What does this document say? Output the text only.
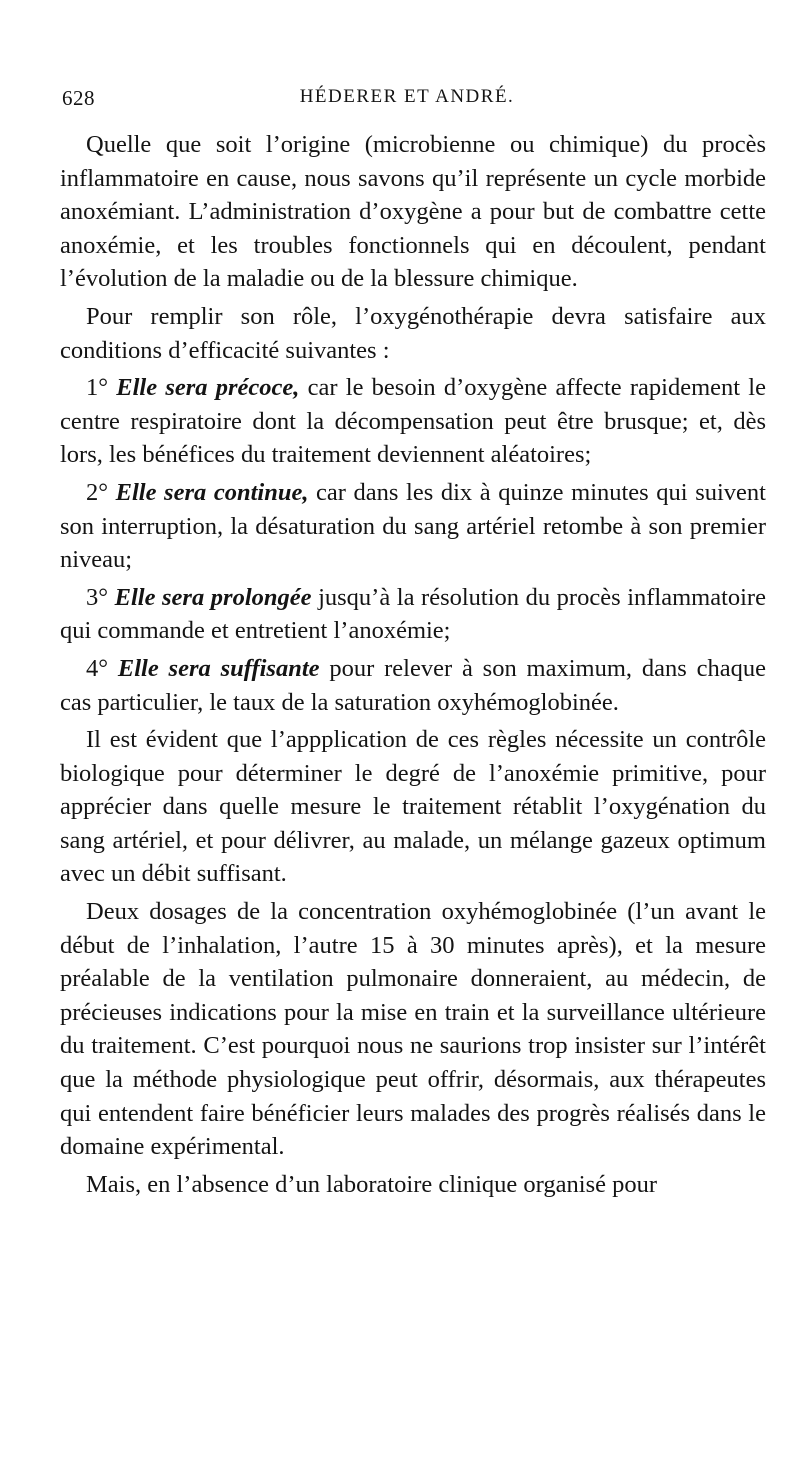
628	HÉDERER ET ANDRÉ.

Quelle que soit l’origine (microbienne ou chimique) du procès inflammatoire en cause, nous savons qu’il représente un cycle morbide anoxémiant. L’administration d’oxygène a pour but de combattre cette anoxémie, et les troubles fonctionnels qui en découlent, pendant l’évolution de la maladie ou de la blessure chimique.

Pour remplir son rôle, l’oxygénothérapie devra satisfaire aux conditions d’efficacité suivantes :

1° Elle sera précoce, car le besoin d’oxygène affecte rapidement le centre respiratoire dont la décompensation peut être brusque; et, dès lors, les bénéfices du traitement deviennent aléatoires;

2° Elle sera continue, car dans les dix à quinze minutes qui suivent son interruption, la désaturation du sang artériel retombe à son premier niveau;

3° Elle sera prolongée jusqu’à la résolution du procès inflammatoire qui commande et entretient l’anoxémie;

4° Elle sera suffisante pour relever à son maximum, dans chaque cas particulier, le taux de la saturation oxyhémoglobinée.

Il est évident que l’appplication de ces règles nécessite un contrôle biologique pour déterminer le degré de l’anoxémie primitive, pour apprécier dans quelle mesure le traitement rétablit l’oxygénation du sang artériel, et pour délivrer, au malade, un mélange gazeux optimum avec un débit suffisant.

Deux dosages de la concentration oxyhémoglobinée (l’un avant le début de l’inhalation, l’autre 15 à 30 minutes après), et la mesure préalable de la ventilation pulmonaire donneraient, au médecin, de précieuses indications pour la mise en train et la surveillance ultérieure du traitement. C’est pourquoi nous ne saurions trop insister sur l’intérêt que la méthode physiologique peut offrir, désormais, aux thérapeutes qui entendent faire bénéficier leurs malades des progrès réalisés dans le domaine expérimental.

Mais, en l’absence d’un laboratoire clinique organisé pour
